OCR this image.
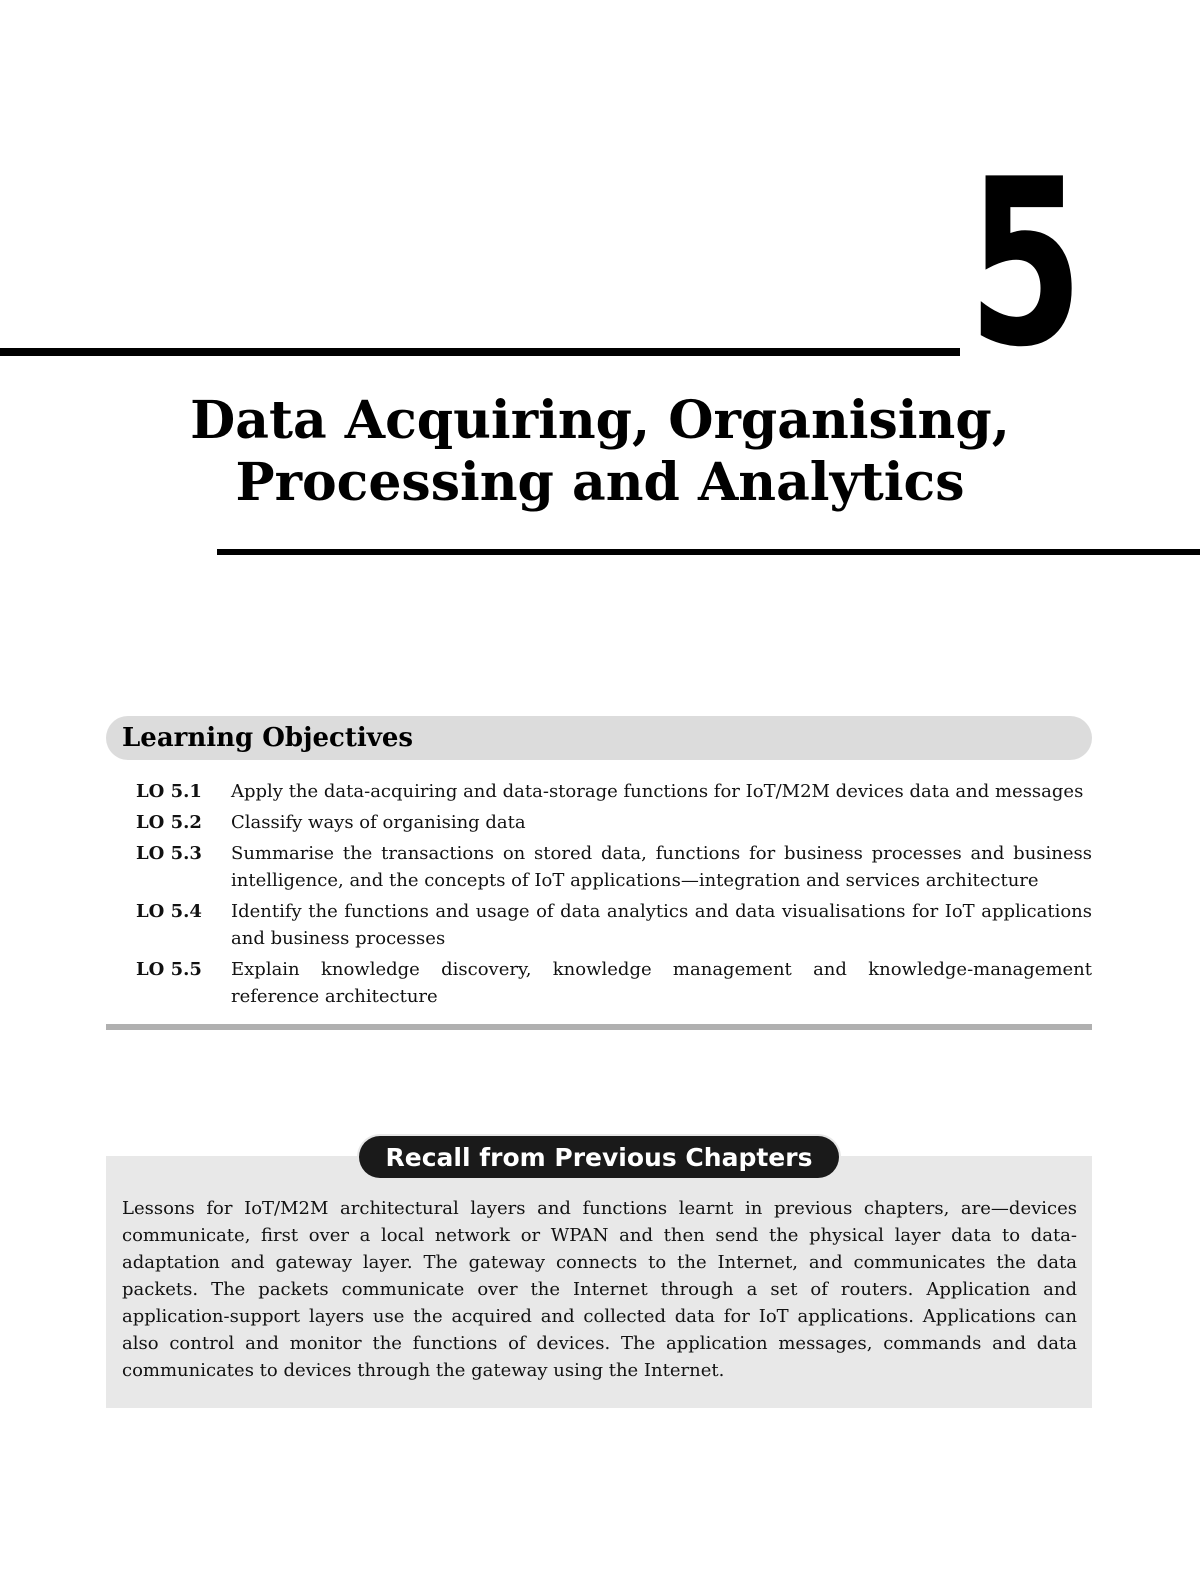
5
Data Acquiring, Organising,
Processing and Analytics
Learning Objectives
LO 5.1	Apply the data-acquiring and data-storage functions for IoT/M2M devices data and messages
LO 5.2	Classify ways of organising data
LO 5.3	Summarise the transactions on stored data, functions for business processes and business intelligence, and the concepts of IoT applications—integration and services architecture
LO 5.4	Identify the functions and usage of data analytics and data visualisations for IoT applications and business processes
LO 5.5	Explain knowledge discovery, knowledge management and knowledge-management reference architecture
Recall from Previous Chapters

Lessons for IoT/M2M architectural layers and functions learnt in previous chapters, are—devices communicate, first over a local network or WPAN and then send the physical layer data to data-adaptation and gateway layer. The gateway connects to the Internet, and communicates the data packets. The packets communicate over the Internet through a set of routers. Application and application-support layers use the acquired and collected data for IoT applications. Applications can also control and monitor the functions of devices. The application messages, commands and data communicates to devices through the gateway using the Internet.
